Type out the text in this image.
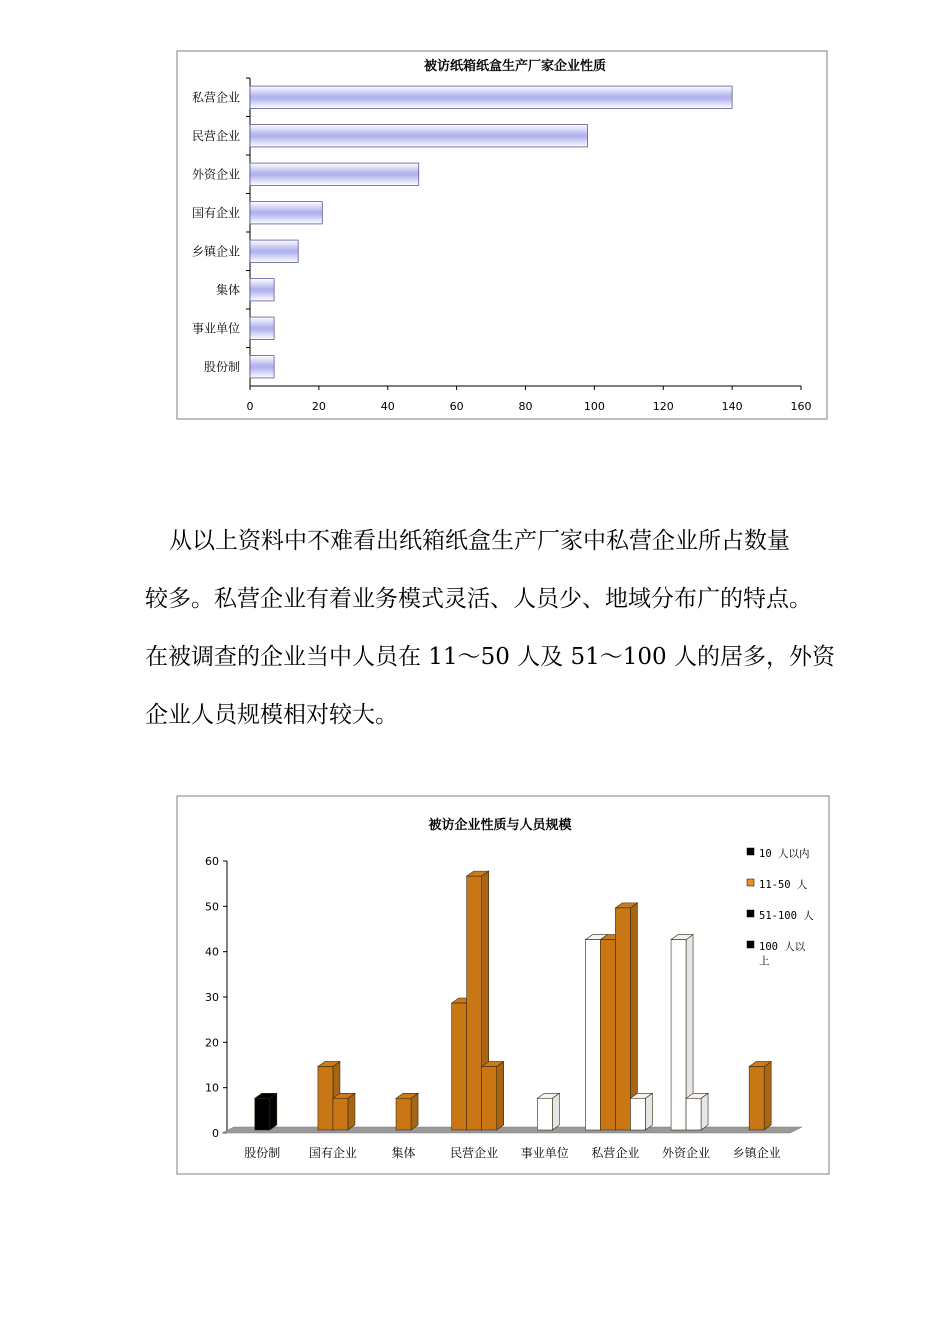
被访纸箱纸盒生产厂家企业性质
0	20	40	60	80	100	120	140	160
私营企业
民营企业
外资企业
国有企业
乡镇企业
集体
事业单位
股份制

从以上资料中不难看出纸箱纸盒生产厂家中私营企业所占数量

较多。私营企业有着业务模式灵活、人员少、地域分布广的特点。

在被调查的企业当中人员在 11～50 人及 51～100 人的居多，外资

企业人员规模相对较大。

被访企业性质与人员规模
0
10
20
30
40
50
60
股份制 国有企业	集体	民营企业 事业单位 私营企业 外资企业 乡镇企业
10 人以内
11-50 人
51-100 人
100 人以
上
